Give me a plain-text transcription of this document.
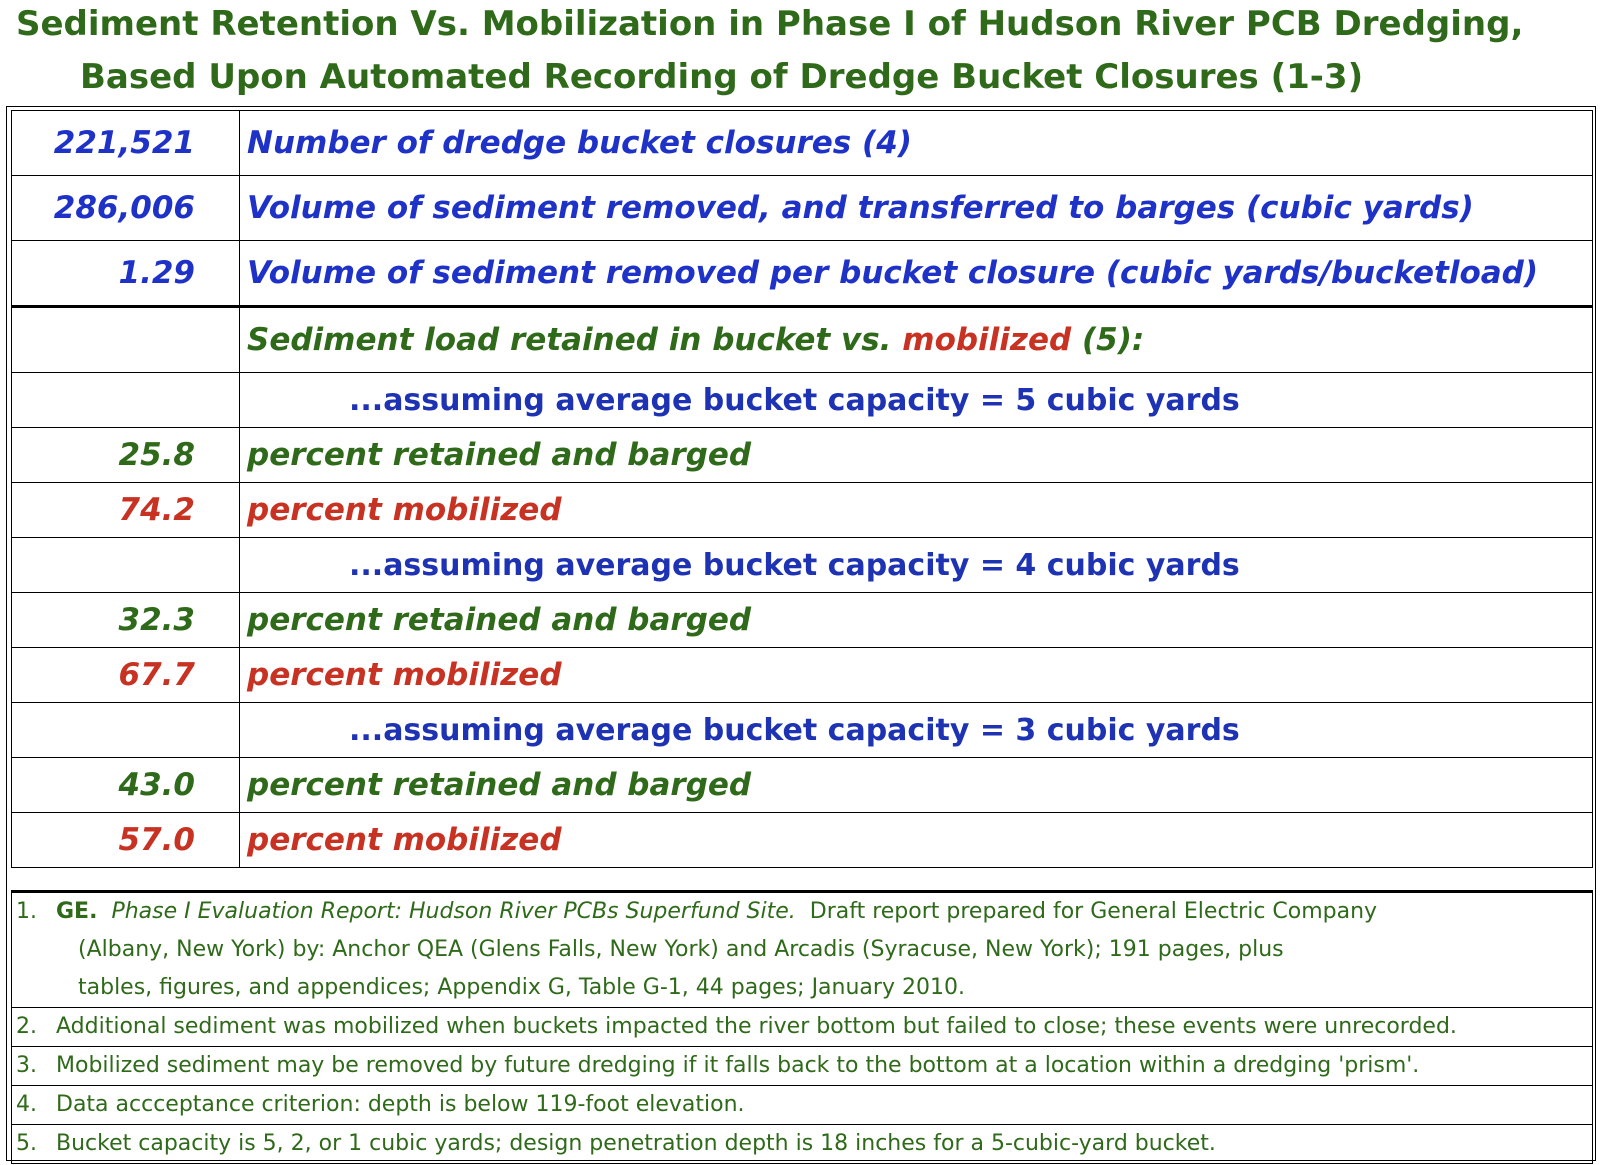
Sediment Retention Vs. Mobilization in Phase I of Hudson River PCB Dredging,
Based Upon Automated Recording of Dredge Bucket Closures (1-3)
221,521	Number of dredge bucket closures (4)
286,006	Volume of sediment removed, and transferred to barges (cubic yards)
1.29	Volume of sediment removed per bucket closure (cubic yards/bucketload)
	Sediment load retained in bucket vs. mobilized (5):
	...assuming average bucket capacity = 5 cubic yards
25.8	percent retained and barged
74.2	percent mobilized
	...assuming average bucket capacity = 4 cubic yards
32.3	percent retained and barged
67.7	percent mobilized
	...assuming average bucket capacity = 3 cubic yards
43.0	percent retained and barged
57.0	percent mobilized
1. GE. Phase I Evaluation Report: Hudson River PCBs Superfund Site. Draft report prepared for General Electric Company
(Albany, New York) by: Anchor QEA (Glens Falls, New York) and Arcadis (Syracuse, New York); 191 pages, plus
tables, figures, and appendices; Appendix G, Table G-1, 44 pages; January 2010.

2. Additional sediment was mobilized when buckets impacted the river bottom but failed to close; these events were unrecorded.
3. Mobilized sediment may be removed by future dredging if it falls back to the bottom at a location within a dredging 'prism'.
4. Data accceptance criterion: depth is below 119-foot elevation.
5. Bucket capacity is 5, 2, or 1 cubic yards; design penetration depth is 18 inches for a 5-cubic-yard bucket.
